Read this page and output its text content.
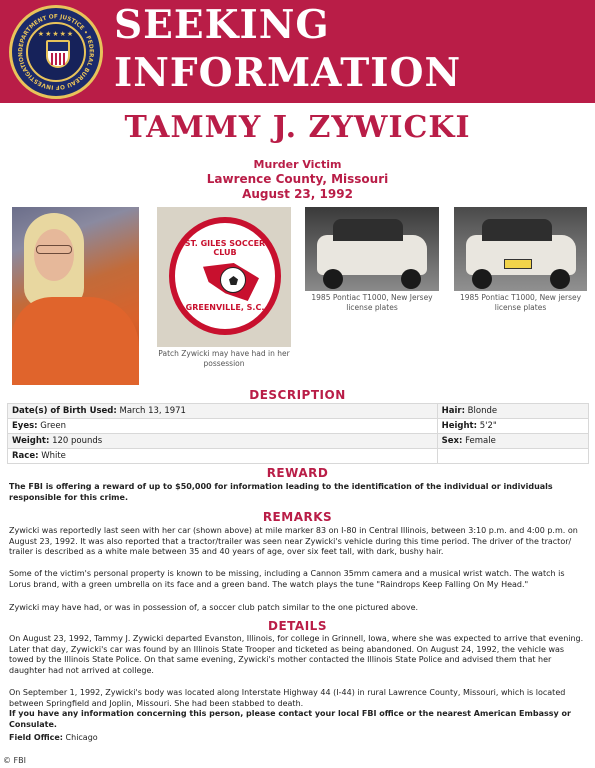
DEPARTMENT OF JUSTICE • FEDERAL BUREAU OF INVESTIGATION
★★★★★ SEEKING
INFORMATION
TAMMY J. ZYWICKI
Murder Victim
Lawrence County, Missouri
August 23, 1992
ST. GILES SOCCER CLUB
GREENVILLE, S.C.
Patch Zywicki may have had in her possession
1985 Pontiac T1000, New Jersey license plates
1985 Pontiac T1000, New jersey license plates
DESCRIPTION
Date(s) of Birth Used: March 13, 1971	Hair: Blonde
Eyes: Green	Height: 5'2"
Weight: 120 pounds	Sex: Female
Race: White	
REWARD
The FBI is offering a reward of up to $50,000 for information leading to the identification of the individual or individuals responsible for this crime.
REMARKS
Zywicki was reportedly last seen with her car (shown above) at mile marker 83 on I-80 in Central Illinois, between 3:10 p.m. and 4:00 p.m. on August 23, 1992. It was also reported that a tractor/trailer was seen near Zywicki's vehicle during this time period. The driver of the tractor/ trailer is described as a white male between 35 and 40 years of age, over six feet tall, with dark, bushy hair.
Some of the victim's personal property is known to be missing, including a Cannon 35mm camera and a musical wrist watch. The watch is Lorus brand, with a green umbrella on its face and a green band. The watch plays the tune "Raindrops Keep Falling On My Head."
Zywicki may have had, or was in possession of, a soccer club patch similar to the one pictured above.
DETAILS
On August 23, 1992, Tammy J. Zywicki departed Evanston, Illinois, for college in Grinnell, Iowa, where she was expected to arrive that evening. Later that day, Zywicki's car was found by an Illinois State Trooper and ticketed as being abandoned. On August 24, 1992, the vehicle was towed by the Illinois State Police. On that same evening, Zywicki's mother contacted the Illinois State Police and advised them that her daughter had not arrived at college.
On September 1, 1992, Zywicki's body was located along Interstate Highway 44 (I-44) in rural Lawrence County, Missouri, which is located between Springfield and Joplin, Missouri. She had been stabbed to death.
If you have any information concerning this person, please contact your local FBI office or the nearest American Embassy or Consulate.
Field Office: Chicago
© FBI
